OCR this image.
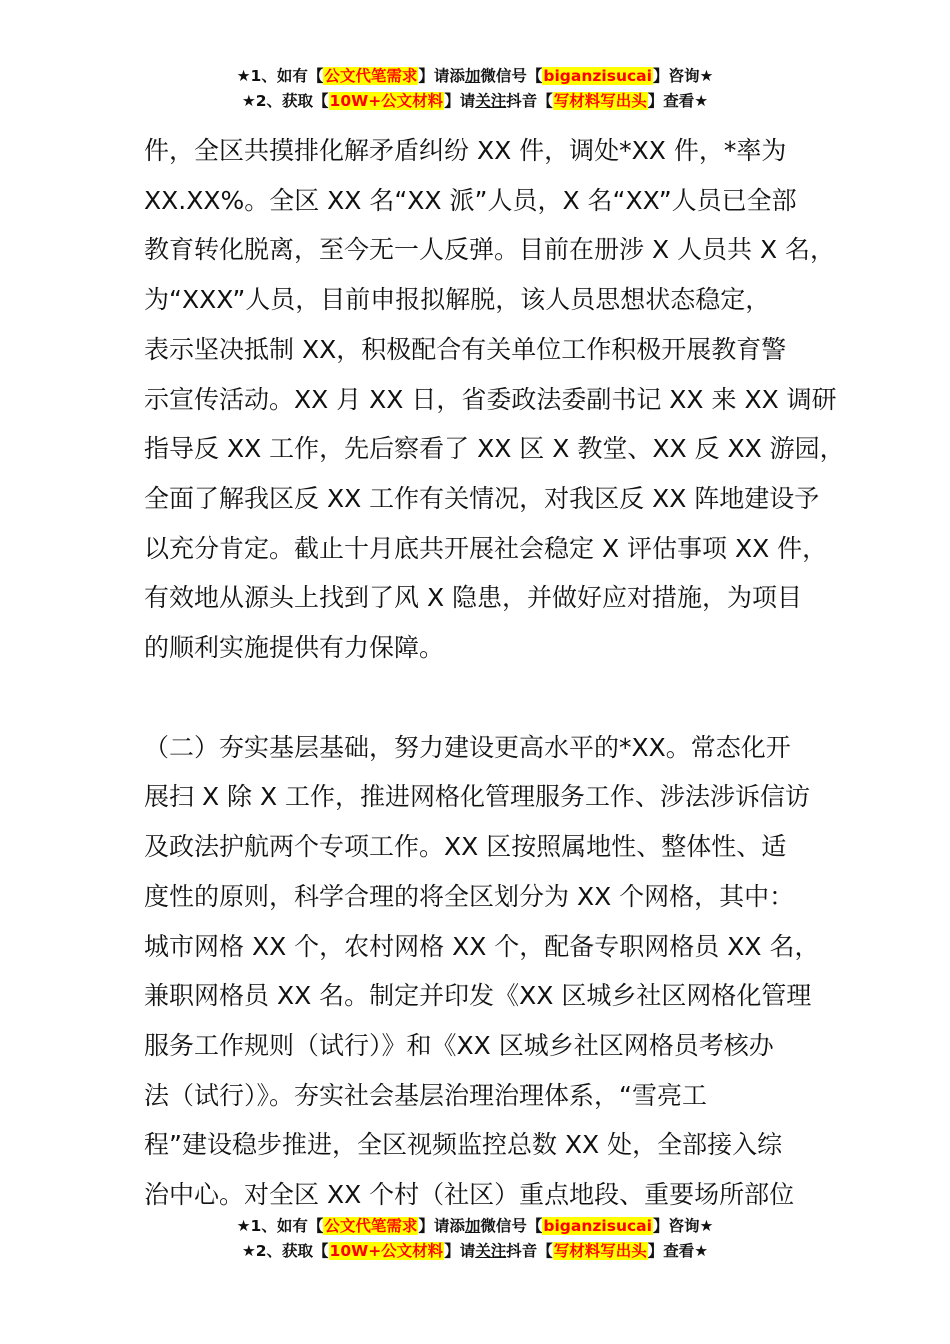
★1、如有【公文代笔需求】请添加微信号【biganzisucai】咨询★
★2、获取【10W+公文材料】请关注抖音【写材料写出头】查看★

件，全区共摸排化解矛盾纠纷 XX 件，调处*XX 件，*率为

XX.XX%。全区 XX 名“XX 派”人员，X 名“XX”人员已全部

教育转化脱离，至今无一人反弹。目前在册涉 X 人员共 X 名，

为“XXX”人员，目前申报拟解脱，该人员思想状态稳定，

表示坚决抵制 XX，积极配合有关单位工作积极开展教育警

示宣传活动。XX 月 XX 日，省委政法委副书记 XX 来 XX 调研

指导反 XX 工作，先后察看了 XX 区 X 教堂、XX 反 XX 游园，

全面了解我区反 XX 工作有关情况，对我区反 XX 阵地建设予

以充分肯定。截止十月底共开展社会稳定 X 评估事项 XX 件，

有效地从源头上找到了风 X 隐患，并做好应对措施，为项目

的顺利实施提供有力保障。

（二）夯实基层基础，努力建设更高水平的*XX。常态化开

展扫 X 除 X 工作，推进网格化管理服务工作、涉法涉诉信访

及政法护航两个专项工作。XX 区按照属地性、整体性、适

度性的原则，科学合理的将全区划分为 XX 个网格，其中：

城市网格 XX 个，农村网格 XX 个，配备专职网格员 XX 名，

兼职网格员 XX 名。制定并印发《XX 区城乡社区网格化管理

服务工作规则（试行）》和《XX 区城乡社区网格员考核办

法（试行）》。夯实社会基层治理治理体系，“雪亮工

程”建设稳步推进，全区视频监控总数 XX 处，全部接入综

治中心。对全区 XX 个村（社区）重点地段、重要场所部位

★1、如有【公文代笔需求】请添加微信号【biganzisucai】咨询★
★2、获取【10W+公文材料】请关注抖音【写材料写出头】查看★
